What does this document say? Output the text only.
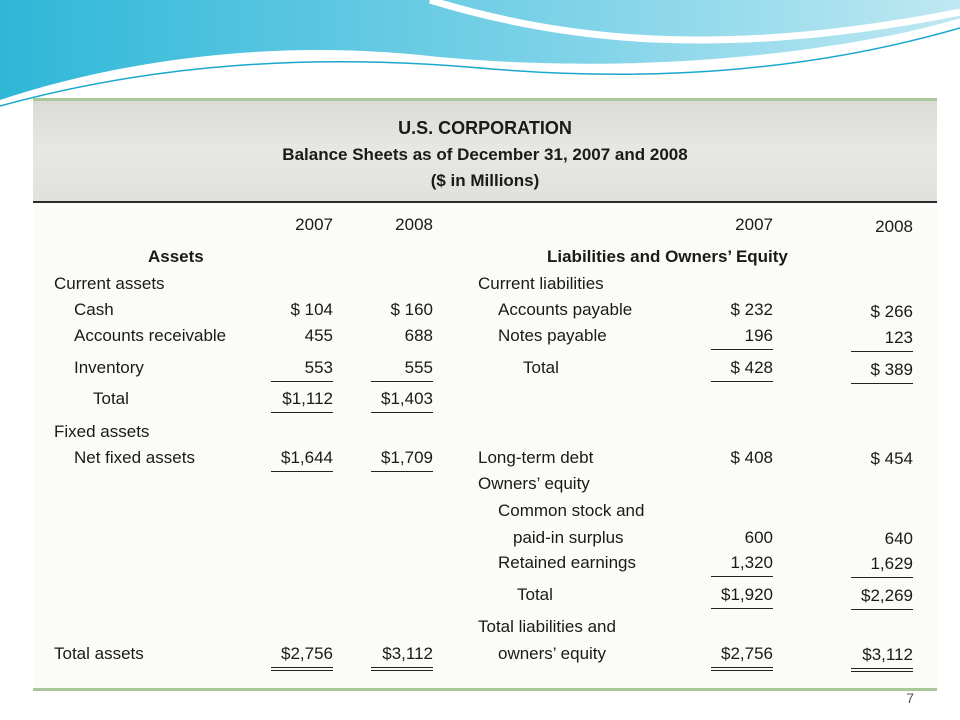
U.S. CORPORATION
Balance Sheets as of December 31, 2007 and 2008
($ in Millions)
2007	2008	2007	2008
Assets
Current assets
Cash	$ 104	$ 160
Accounts receivable	455	688
Inventory	553	555
Total	$1,112	$1,403
Fixed assets
Net fixed assets	$1,644	$1,709
Total assets	$2,756	$3,112
Liabilities and Owners’ Equity
Current liabilities
Accounts payable	$ 232	$ 266
Notes payable	196	123
Total	$ 428	$ 389
Long-term debt	$ 408	$ 454
Owners’ equity
Common stock and
paid-in surplus	600	640
Retained earnings	1,320	1,629
Total	$1,920	$2,269
Total liabilities and
owners’ equity	$2,756	$3,112
7
